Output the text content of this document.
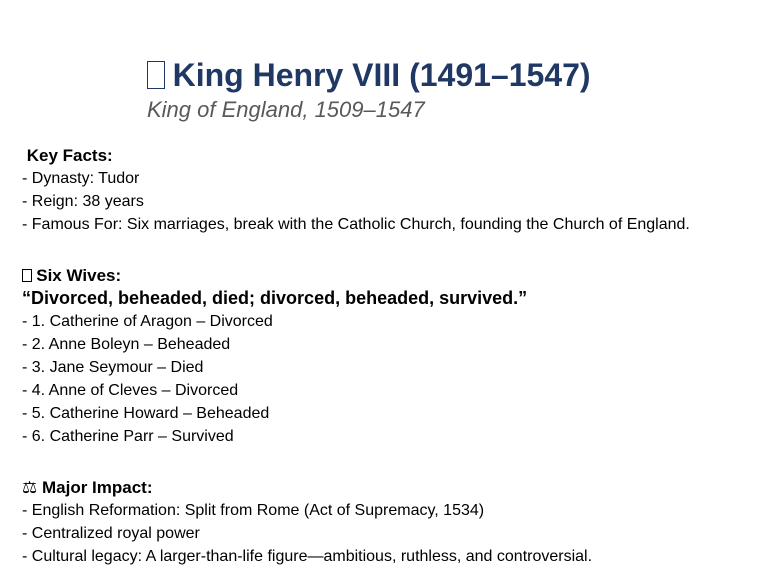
King Henry VIII (1491–1547)

King of England, 1509–1547

Key Facts:
- Dynasty: Tudor
- Reign: 38 years
- Famous For: Six marriages, break with the Catholic Church, founding the Church of England.
Six Wives:
“Divorced, beheaded, died; divorced, beheaded, survived.”
- 1. Catherine of Aragon – Divorced
- 2. Anne Boleyn – Beheaded
- 3. Jane Seymour – Died
- 4. Anne of Cleves – Divorced
- 5. Catherine Howard – Beheaded
- 6. Catherine Parr – Survived
⚖ Major Impact:
- English Reformation: Split from Rome (Act of Supremacy, 1534)
- Centralized royal power
- Cultural legacy: A larger-than-life figure—ambitious, ruthless, and controversial.
